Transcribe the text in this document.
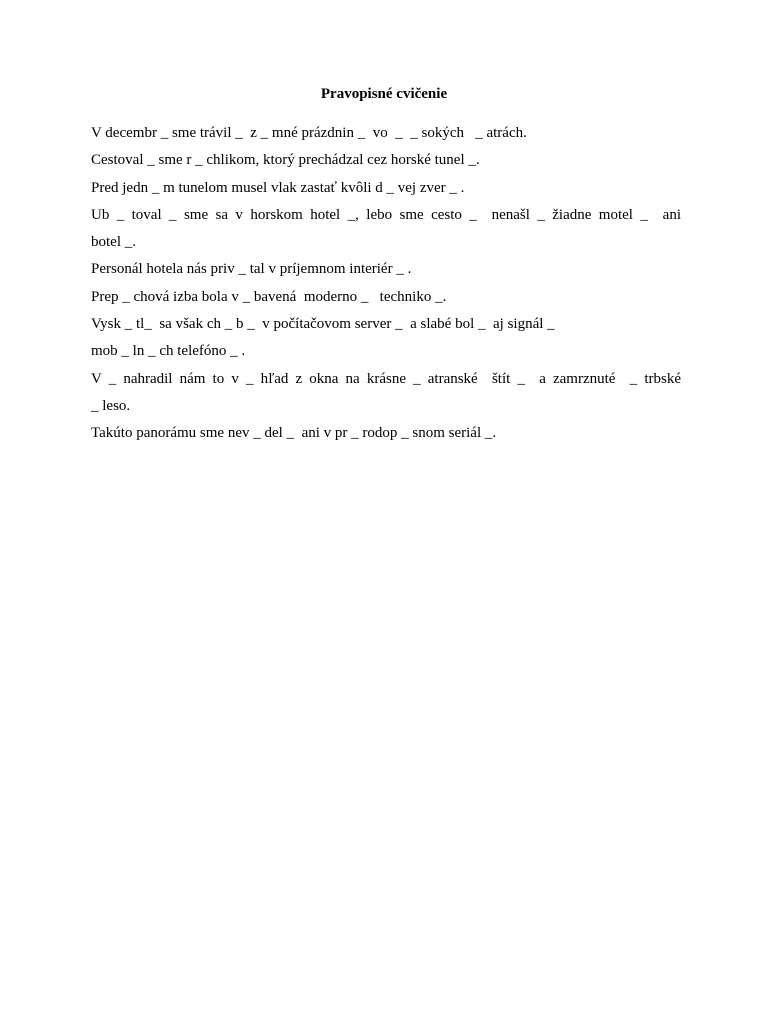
Pravopisné cvičenie
V decembr _ sme trávil _  z _ mné prázdnin _  vo  _  _ sokých   _ atrách.
Cestoval _ sme r _ chlikom, ktorý prechádzal cez horské tunel _.
Pred jedn _ m tunelom musel vlak zastať kvôli d _ vej zver _ .
Ub _ toval _ sme sa v horskom hotel _, lebo sme cesto _  nenašl _ žiadne motel _  ani
botel _.
Personál hotela nás priv _ tal v príjemnom interiér _ .
Prep _ chová izba bola v _ bavená  moderno _   techniko _.
Vysk _ tl_  sa však ch _ b _  v počítačovom server _  a slabé bol _  aj signál _
mob _ ln _ ch telefóno _ .
V _ nahradil nám to v _ hľad z okna na krásne _ atranské  štít _  a zamrznuté  _ trbské
_ leso.
Takúto panorámu sme nev _ del _  ani v pr _ rodop _ snom seriál _.
